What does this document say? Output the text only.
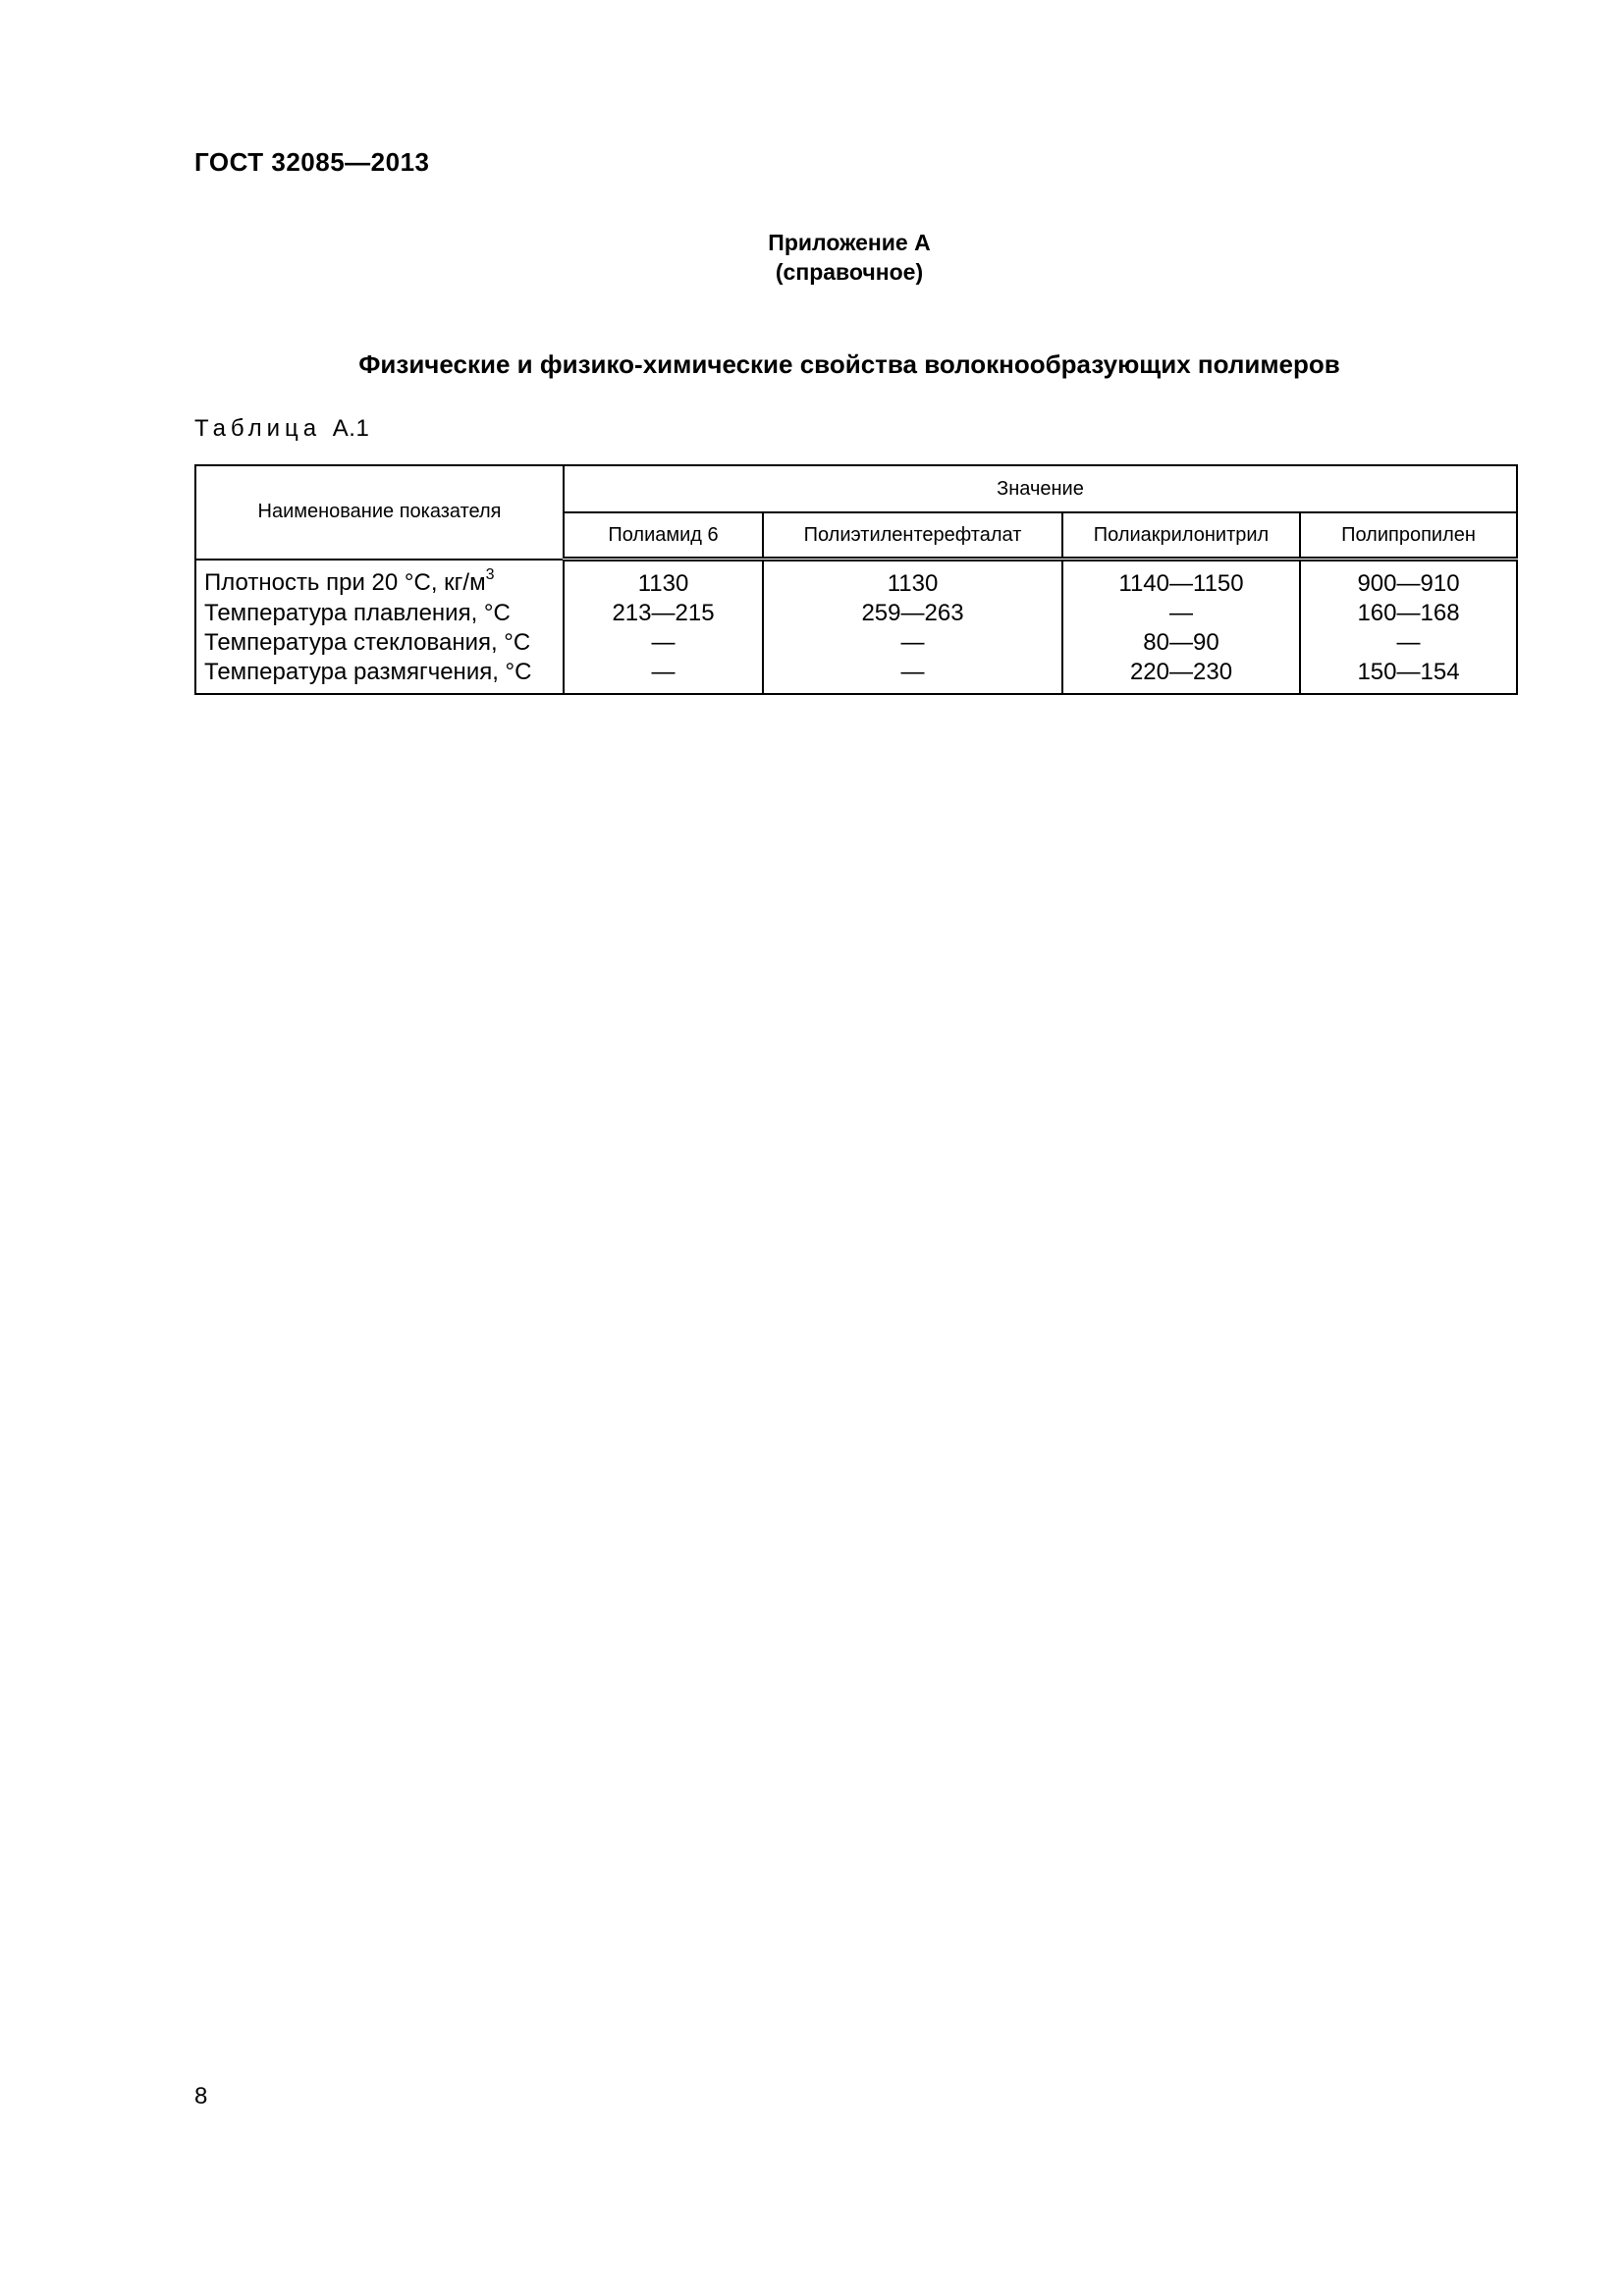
ГОСТ 32085—2013
Приложение А
(справочное)
Физические и физико-химические свойства волокнообразующих полимеров
Таблица А.1
Наименование показателя	Значение			
	Полиамид 6	Полиэтилентерефталат	Полиакрилонитрил	Полипропилен
Плотность при 20 °С, $кг/м^3$	1130	1130	1140—1150	900—910
Температура плавления, °С	213—215	259—263	—	160—168
Температура стеклования, °С	—	—	80—90	—
Температура размягчения, °С	—	—	220—230	150—154
8
